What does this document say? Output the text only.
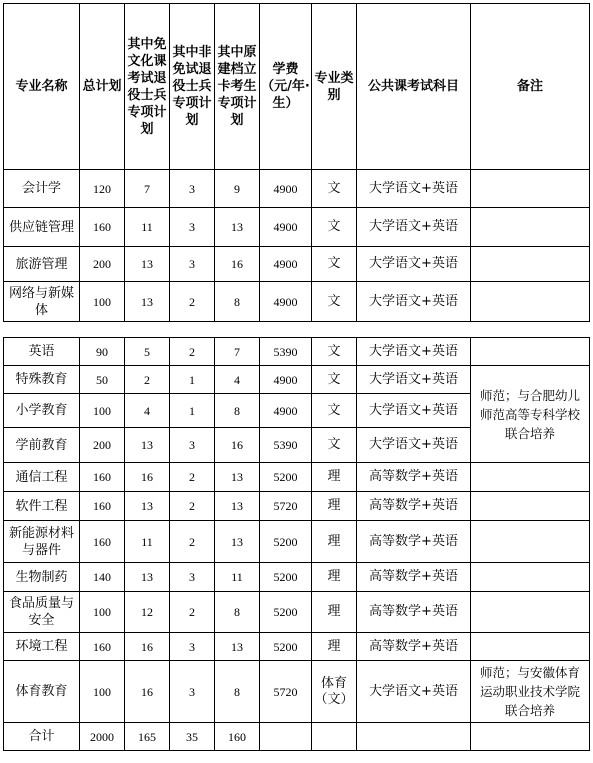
专业名称	总计划	其中免文化课考试退役士兵专项计划	其中非免试退役士兵专项计划	其中原建档立卡考生专项计划	学费（元/年·生）	专业类别	公共课考试科目	备注
会计学	120	7	3	9	4900	文	大学语文+英语	
供应链管理	160	11	3	13	4900	文	大学语文+英语	
旅游管理	200	13	3	16	4900	文	大学语文+英语	
网络与新媒体	100	13	2	8	4900	文	大学语文+英语	
英语	90	5	2	7	5390	文	大学语文+英语	
特殊教育	50	2	1	4	4900	文	大学语文+英语	师范；与合肥幼儿师范高等专科学校联合培养
小学教育	100	4	1	8	4900	文	大学语文+英语	
学前教育	200	13	3	16	5390	文	大学语文+英语	
通信工程	160	16	2	13	5200	理	高等数学+英语	
软件工程	160	13	2	13	5720	理	高等数学+英语	
新能源材料与器件	160	11	2	13	5200	理	高等数学+英语	
生物制药	140	13	3	11	5200	理	高等数学+英语	
食品质量与安全	100	12	2	8	5200	理	高等数学+英语	
环境工程	160	16	3	13	5200	理	高等数学+英语	
体育教育	100	16	3	8	5720	体育（文）	大学语文+英语	师范；与安徽体育运动职业技术学院联合培养
合计	2000	165	35	160				
